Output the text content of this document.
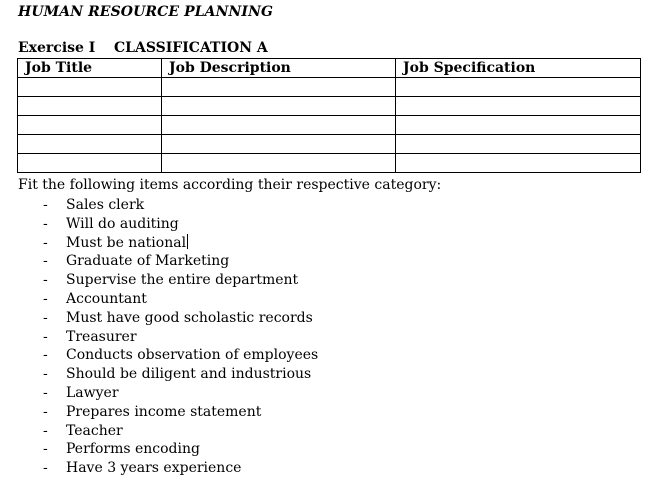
HUMAN RESOURCE PLANNING
Exercise I CLASSIFICATION A
Job Title	Job Description	Job Specification

Fit the following items according their respective category:
- Sales clerk
- Will do auditing
- Must be national
- Graduate of Marketing
- Supervise the entire department
- Accountant
- Must have good scholastic records
- Treasurer
- Conducts observation of employees
- Should be diligent and industrious
- Lawyer
- Prepares income statement
- Teacher
- Performs encoding
- Have 3 years experience
